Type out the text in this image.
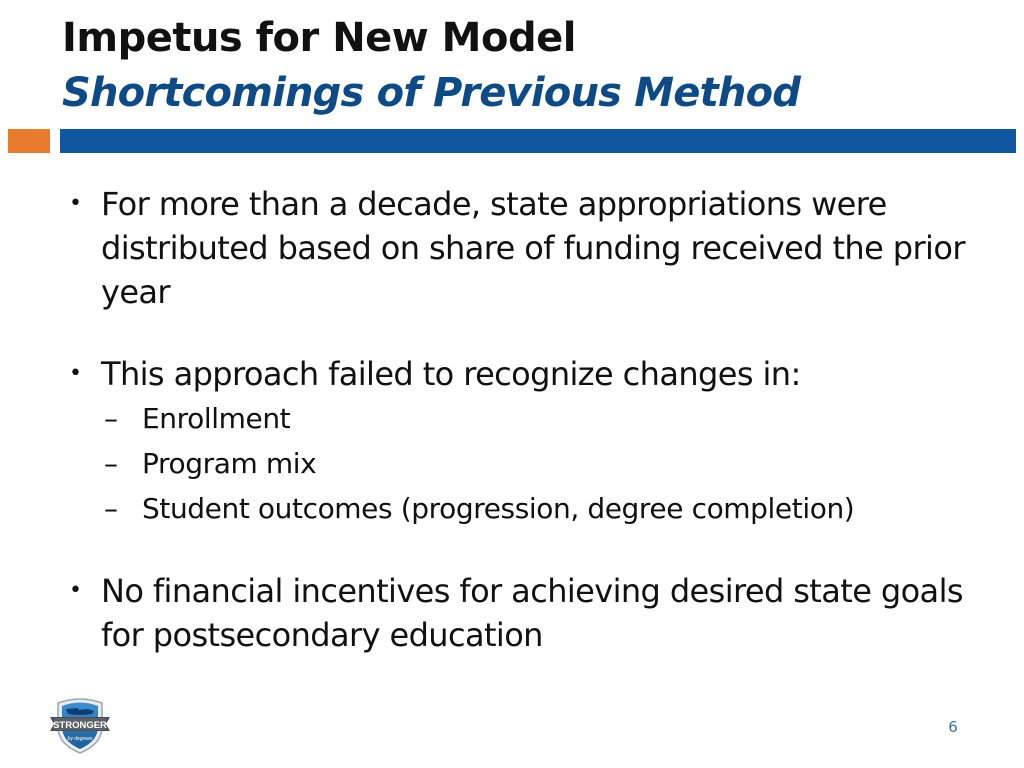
Impetus for New Model
Shortcomings of Previous Method
• For more than a decade, state appropriations were distributed based on share of funding received the prior year
• This approach failed to recognize changes in:
– Enrollment
– Program mix
– Student outcomes (progression, degree completion)
• No financial incentives for achieving desired state goals for postsecondary education
STRONGER
by degrees
6
